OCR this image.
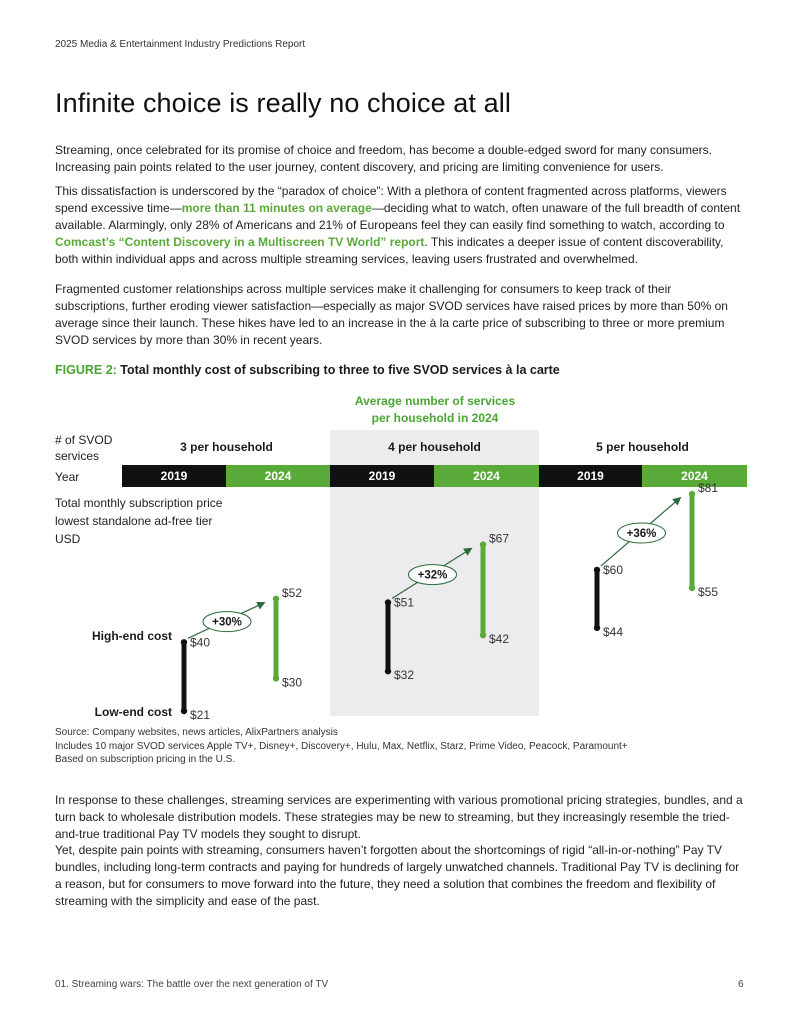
2025 Media & Entertainment Industry Predictions Report
Infinite choice is really no choice at all

Streaming, once celebrated for its promise of choice and freedom, has become a double-edged sword for many consumers. Increasing pain points related to the user journey, content discovery, and pricing are limiting convenience for users.

This dissatisfaction is underscored by the “paradox of choice”: With a plethora of content fragmented across platforms, viewers spend excessive time—more than 11 minutes on average—deciding what to watch, often unaware of the full breadth of content available. Alarmingly, only 28% of Americans and 21% of Europeans feel they can easily find something to watch, according to Comcast’s “Content Discovery in a Multiscreen TV World” report. This indicates a deeper issue of content discoverability, both within individual apps and across multiple streaming services, leaving users frustrated and overwhelmed.

Fragmented customer relationships across multiple services make it challenging for consumers to keep track of their subscriptions, further eroding viewer satisfaction—especially as major SVOD services have raised prices by more than 50% on average since their launch. These hikes have led to an increase in the à la carte price of subscribing to three or more premium SVOD services by more than 30% in recent years.

FIGURE 2: Total monthly cost of subscribing to three to five SVOD services à la carte
Average number of services
per household in 2024
# of SVOD
services
Year
3 per household	4 per household	5 per household
2019	2024	2019	2024	2019	2024
Total monthly subscription price
lowest standalone ad-free tier
USD
High-end cost
Low-end cost
$40
$21
$52
$30
+30%
$51
$32
$67
$42
+32%	$60
$44
$81
$55
+36%
Source: Company websites, news articles, AlixPartners analysis
Includes 10 major SVOD services Apple TV+, Disney+, Discovery+, Hulu, Max, Netflix, Starz, Prime Video, Peacock, Paramount+
Based on subscription pricing in the U.S.

In response to these challenges, streaming services are experimenting with various promotional pricing strategies, bundles, and a turn back to wholesale distribution models. These strategies may be new to streaming, but they increasingly resemble the tried-and-true traditional Pay TV models they sought to disrupt.

Yet, despite pain points with streaming, consumers haven’t forgotten about the shortcomings of rigid “all-in-or-nothing” Pay TV bundles, including long-term contracts and paying for hundreds of largely unwatched channels. Traditional Pay TV is declining for a reason, but for consumers to move forward into the future, they need a solution that combines the freedom and flexibility of streaming with the simplicity and ease of the past.

01. Streaming wars: The battle over the next generation of TV	6
